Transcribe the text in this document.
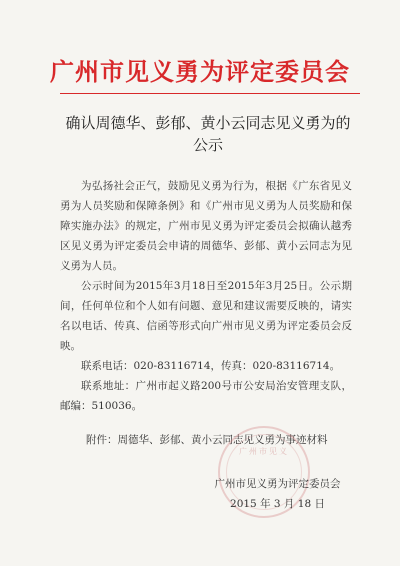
广州市见义勇为评定委员会
确认周德华、彭郁、黄小云同志见义勇为的
公示

为弘扬社会正气，鼓励见义勇为行为，根据《广东省见义勇为人员奖励和保障条例》和《广州市见义勇为人员奖励和保障实施办法》的规定，广州市见义勇为评定委员会拟确认越秀区见义勇为评定委员会申请的周德华、彭郁、黄小云同志为见义勇为人员。

公示时间为2015年3月18日至2015年3月25日。公示期间，任何单位和个人如有问题、意见和建议需要反映的，请实名以电话、传真、信函等形式向广州市见义勇为评定委员会反映。

联系电话：020-83116714，传真：020-83116714。

联系地址：广州市起义路200号市公安局治安管理支队，邮编：510036。

附件：周德华、彭郁、黄小云同志见义勇为事迹材料
广州市见义
广州市见义勇为评定委员会
2015 年 3 月 18 日
